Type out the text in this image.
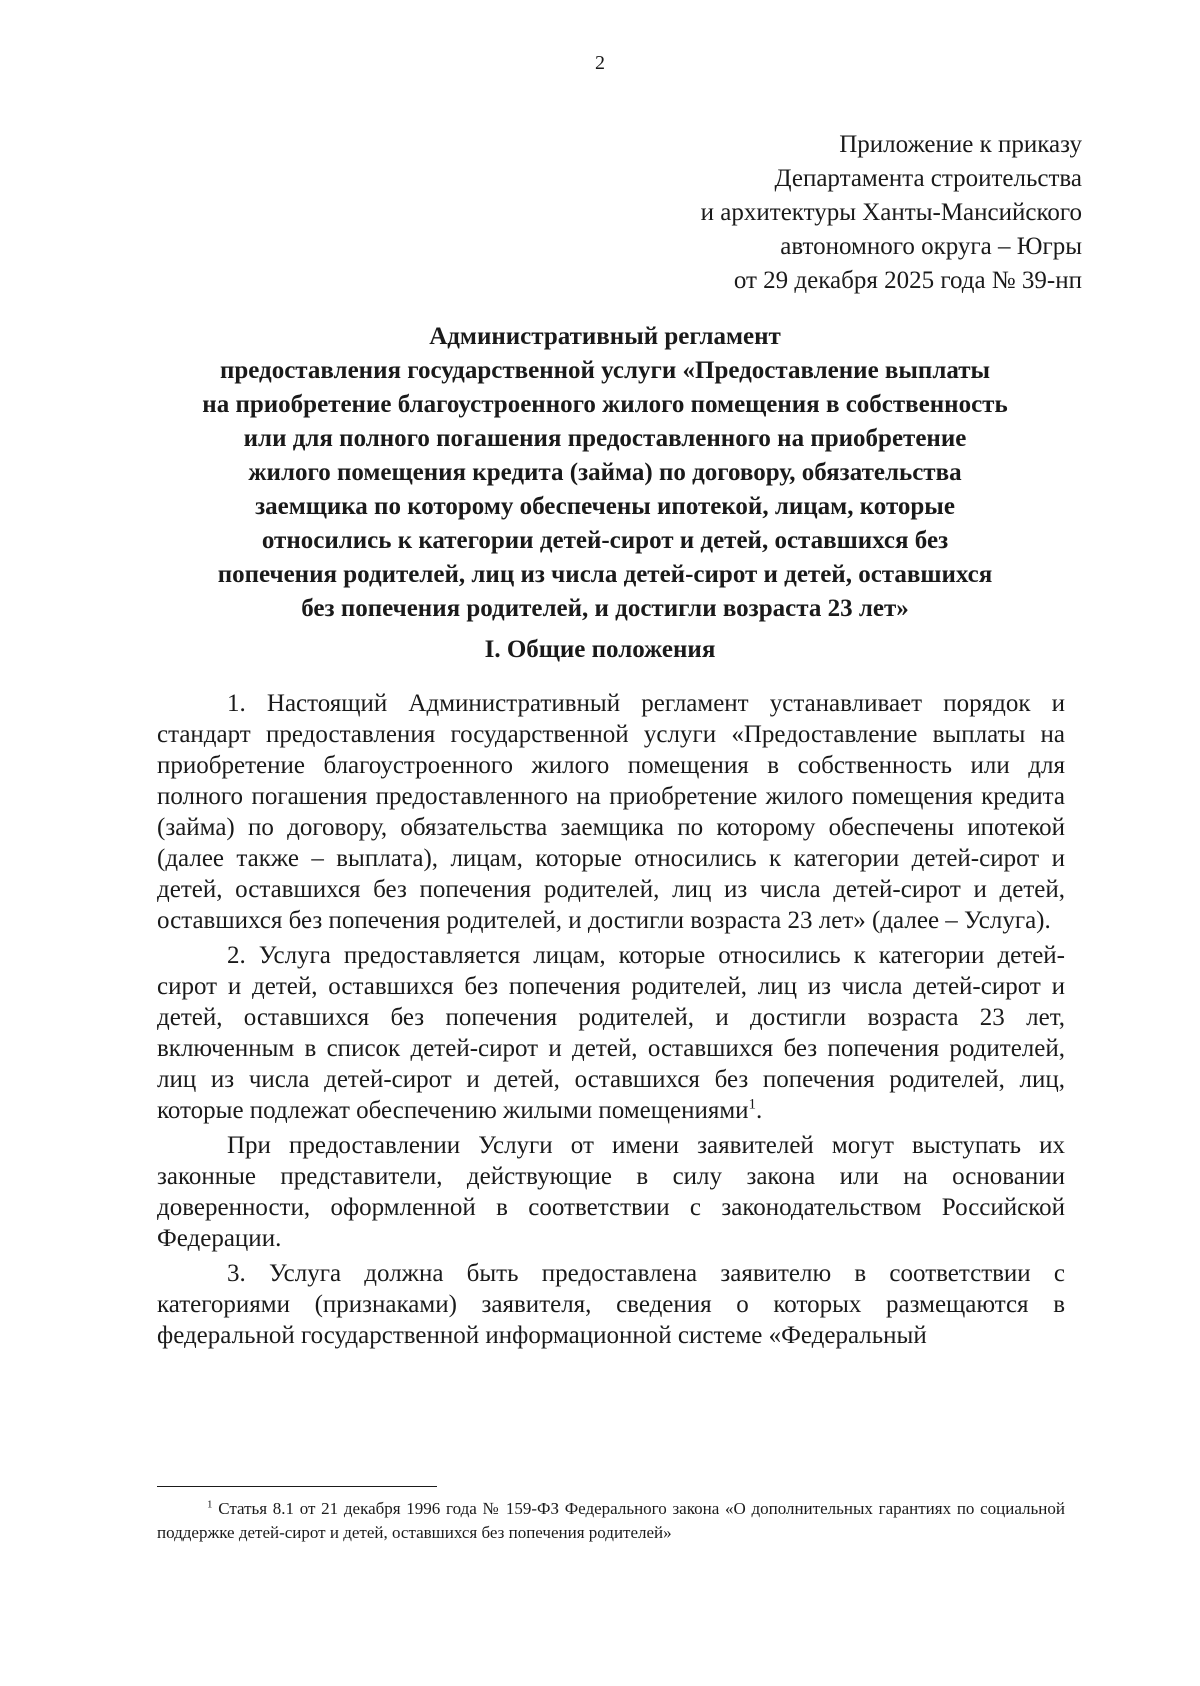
2
Приложение к приказу
Департамента строительства
и архитектуры Ханты-Мансийского
автономного округа – Югры
от 29 декабря 2025 года № 39-нп
Административный регламент
предоставления государственной услуги «Предоставление выплаты
на приобретение благоустроенного жилого помещения в собственность
или для полного погашения предоставленного на приобретение
жилого помещения кредита (займа) по договору, обязательства
заемщика по которому обеспечены ипотекой, лицам, которые
относились к категории детей-сирот и детей, оставшихся без
попечения родителей, лиц из числа детей-сирот и детей, оставшихся
без попечения родителей, и достигли возраста 23 лет»
I. Общие положения

1. Настоящий Административный регламент устанавливает порядок и стандарт предоставления государственной услуги «Предоставление выплаты на приобретение благоустроенного жилого помещения в собственность или для полного погашения предоставленного на приобретение жилого помещения кредита (займа) по договору, обязательства заемщика по которому обеспечены ипотекой (далее также – выплата), лицам, которые относились к категории детей-сирот и детей, оставшихся без попечения родителей, лиц из числа детей-сирот и детей, оставшихся без попечения родителей, и достигли возраста 23 лет» (далее – Услуга).

2. Услуга предоставляется лицам, которые относились к категории детей-сирот и детей, оставшихся без попечения родителей, лиц из числа детей-сирот и детей, оставшихся без попечения родителей, и достигли возраста 23 лет, включенным в список детей-сирот и детей, оставшихся без попечения родителей, лиц из числа детей-сирот и детей, оставшихся без попечения родителей, лиц, которые подлежат обеспечению жилыми помещениями$^1$.

При предоставлении Услуги от имени заявителей могут выступать их законные представители, действующие в силу закона или на основании доверенности, оформленной в соответствии с законодательством Российской Федерации.

3. Услуга должна быть предоставлена заявителю в соответствии с категориями (признаками) заявителя, сведения о которых размещаются в федеральной государственной информационной системе «Федеральный

$^1$ Статья 8.1 от 21 декабря 1996 года № 159-ФЗ Федерального закона «О дополнительных гарантиях по социальной поддержке детей-сирот и детей, оставшихся без попечения родителей»
